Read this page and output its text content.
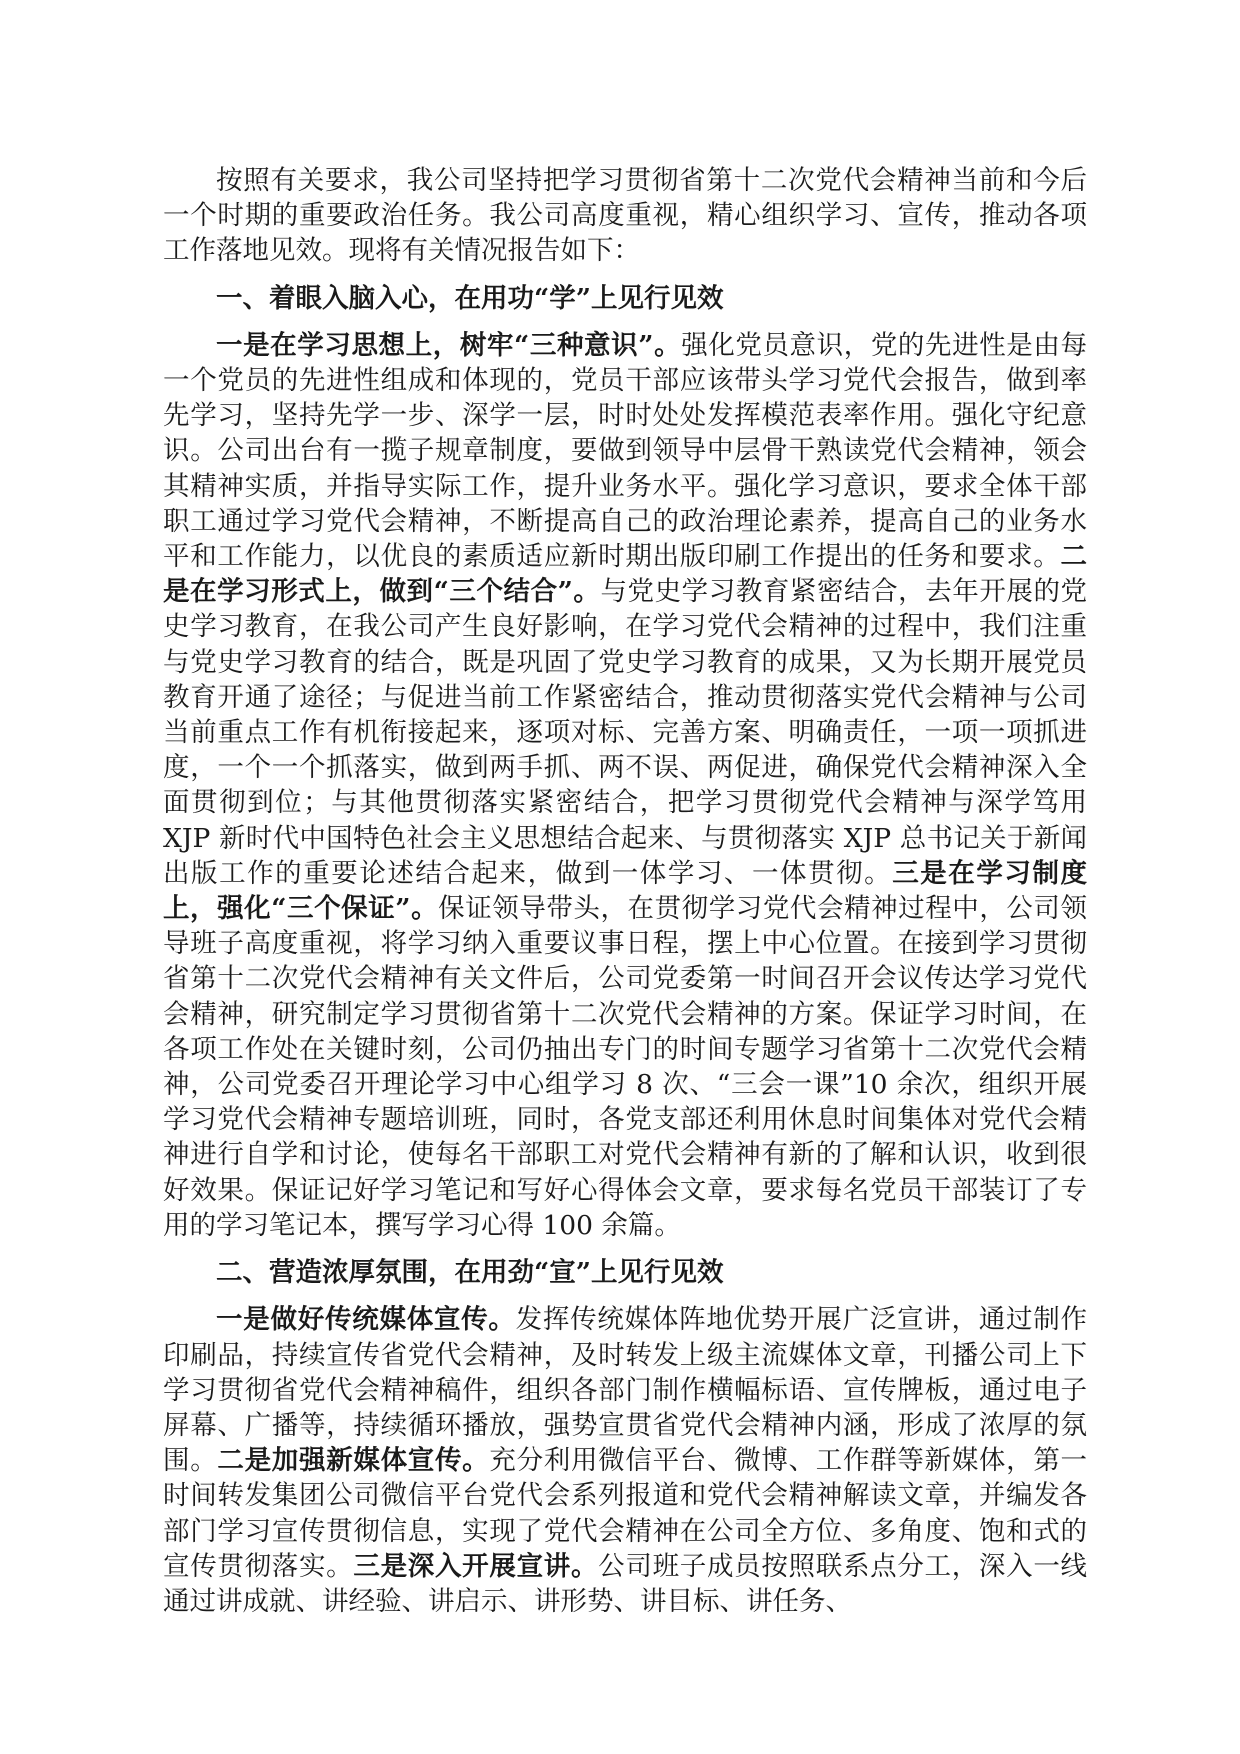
按照有关要求，我公司坚持把学习贯彻省第十二次党代会精神当前和今后一个时期的重要政治任务。我公司高度重视，精心组织学习、宣传，推动各项工作落地见效。现将有关情况报告如下：

一、着眼入脑入心，在用功“学”上见行见效

一是在学习思想上，树牢“三种意识”。强化党员意识，党的先进性是由每一个党员的先进性组成和体现的，党员干部应该带头学习党代会报告，做到率先学习，坚持先学一步、深学一层，时时处处发挥模范表率作用。强化守纪意识。公司出台有一揽子规章制度，要做到领导中层骨干熟读党代会精神，领会其精神实质，并指导实际工作，提升业务水平。强化学习意识，要求全体干部职工通过学习党代会精神，不断提高自己的政治理论素养，提高自己的业务水平和工作能力，以优良的素质适应新时期出版印刷工作提出的任务和要求。二是在学习形式上，做到“三个结合”。与党史学习教育紧密结合，去年开展的党史学习教育，在我公司产生良好影响，在学习党代会精神的过程中，我们注重与党史学习教育的结合，既是巩固了党史学习教育的成果，又为长期开展党员教育开通了途径；与促进当前工作紧密结合，推动贯彻落实党代会精神与公司当前重点工作有机衔接起来，逐项对标、完善方案、明确责任，一项一项抓进度，一个一个抓落实，做到两手抓、两不误、两促进，确保党代会精神深入全面贯彻到位；与其他贯彻落实紧密结合，把学习贯彻党代会精神与深学笃用 XJP 新时代中国特色社会主义思想结合起来、与贯彻落实 XJP 总书记关于新闻出版工作的重要论述结合起来，做到一体学习、一体贯彻。三是在学习制度上，强化“三个保证”。保证领导带头，在贯彻学习党代会精神过程中，公司领导班子高度重视，将学习纳入重要议事日程，摆上中心位置。在接到学习贯彻省第十二次党代会精神有关文件后，公司党委第一时间召开会议传达学习党代会精神，研究制定学习贯彻省第十二次党代会精神的方案。保证学习时间，在各项工作处在关键时刻，公司仍抽出专门的时间专题学习省第十二次党代会精神，公司党委召开理论学习中心组学习 8 次、“三会一课”10 余次，组织开展学习党代会精神专题培训班，同时，各党支部还利用休息时间集体对党代会精神进行自学和讨论，使每名干部职工对党代会精神有新的了解和认识，收到很好效果。保证记好学习笔记和写好心得体会文章，要求每名党员干部装订了专用的学习笔记本，撰写学习心得 100 余篇。

二、营造浓厚氛围，在用劲“宣”上见行见效

一是做好传统媒体宣传。发挥传统媒体阵地优势开展广泛宣讲，通过制作印刷品，持续宣传省党代会精神，及时转发上级主流媒体文章，刊播公司上下学习贯彻省党代会精神稿件，组织各部门制作横幅标语、宣传牌板，通过电子屏幕、广播等，持续循环播放，强势宣贯省党代会精神内涵，形成了浓厚的氛围。二是加强新媒体宣传。充分利用微信平台、微博、工作群等新媒体，第一时间转发集团公司微信平台党代会系列报道和党代会精神解读文章，并编发各部门学习宣传贯彻信息，实现了党代会精神在公司全方位、多角度、饱和式的宣传贯彻落实。三是深入开展宣讲。公司班子成员按照联系点分工，深入一线通过讲成就、讲经验、讲启示、讲形势、讲目标、讲任务、
